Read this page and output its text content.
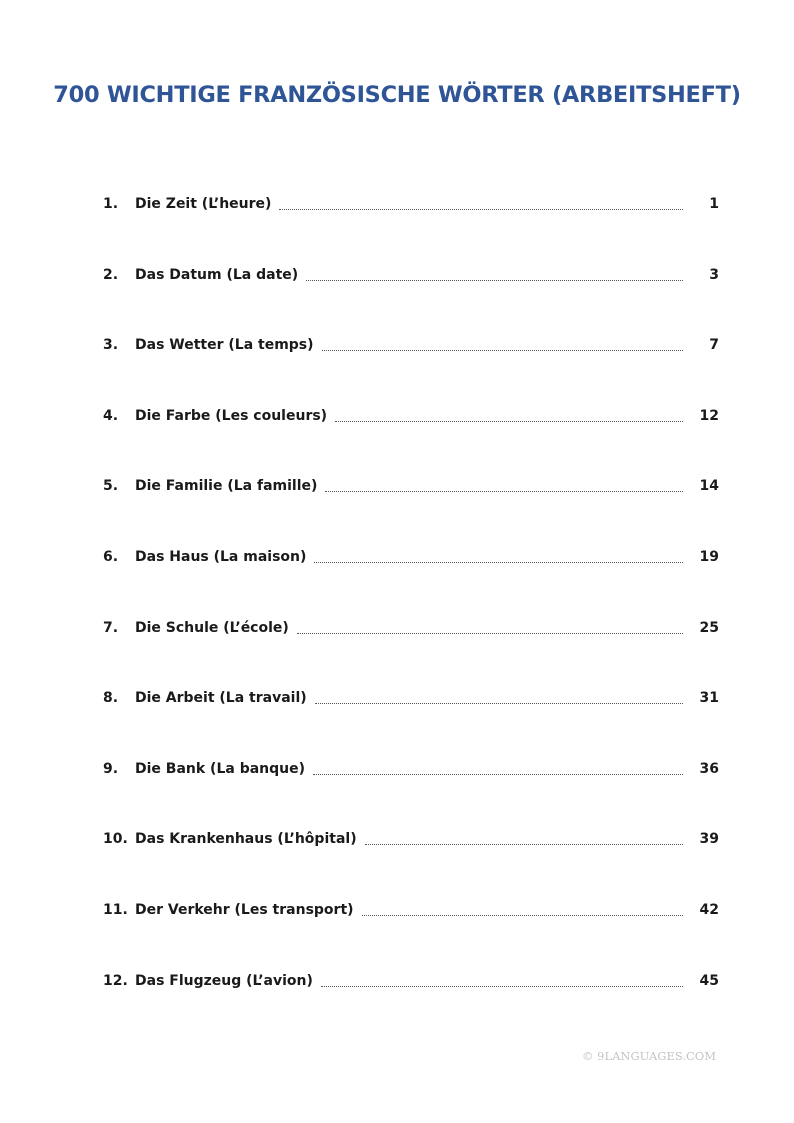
700 WICHTIGE FRANZÖSISCHE WÖRTER (ARBEITSHEFT)
1.	Die Zeit (L’heure)	1
2.	Das Datum (La date)	3
3.	Das Wetter (La temps)	7
4.	Die Farbe (Les couleurs)	12
5.	Die Familie (La famille)	14
6.	Das Haus (La maison)	19
7.	Die Schule (L’école)	25
8.	Die Arbeit (La travail)	31
9.	Die Bank (La banque)	36
10. Das Krankenhaus (L’hôpital)	39
11. Der Verkehr (Les transport)	42
12. Das Flugzeug (L’avion)	45
© 9LANGUAGES.COM
